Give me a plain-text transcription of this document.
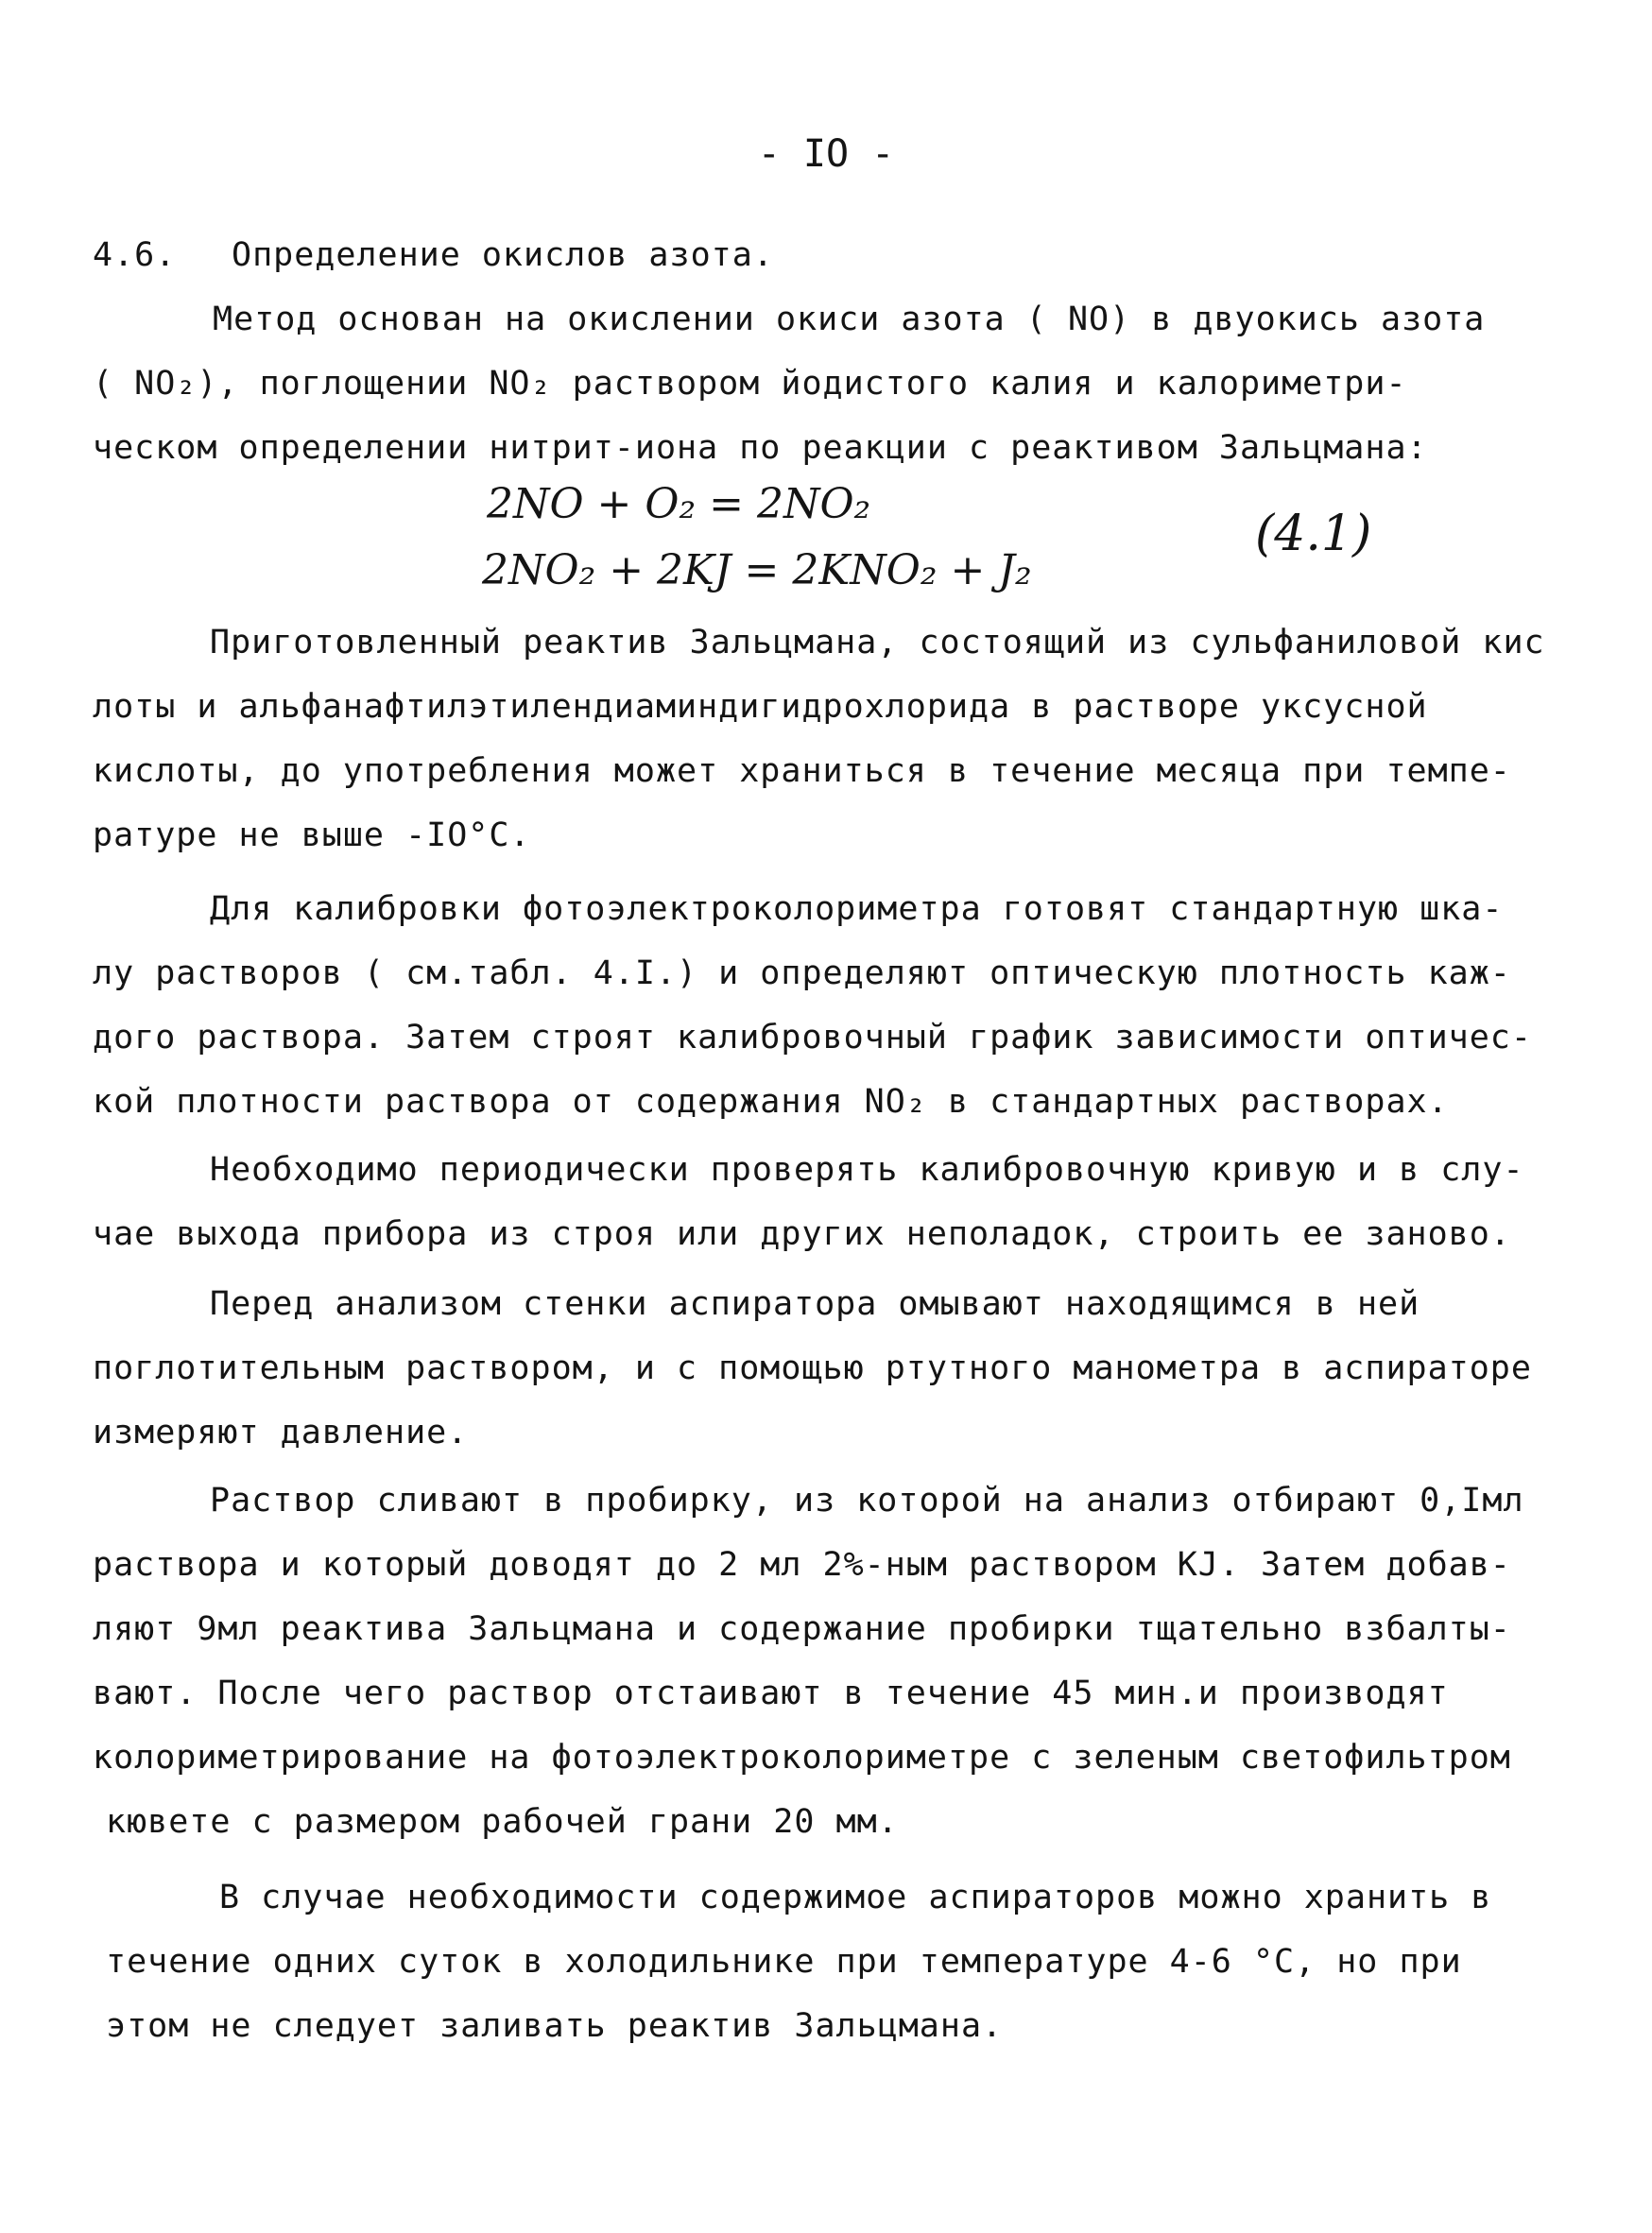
- IO -
4.6. Определение окислов азота.
Метод основан на окислении окиси азота ( NO) в двуокись азота
( NO₂), поглощении NO₂ раствором йодистого калия и калориметри-
ческом определении нитрит-иона по реакции с реактивом Зальцмана:
2NO + O₂ = 2NO₂
2NO₂ + 2KJ = 2KNO₂ + J₂
(4.1)
Приготовленный реактив Зальцмана, состоящий из сульфаниловой кис
лоты и альфанафтилэтилендиаминдигидрохлорида в растворе уксусной
кислоты, до употребления может храниться в течение месяца при темпе-
ратуре не выше -IO°C.
Для калибровки фотоэлектроколориметра готовят стандартную шка-
лу растворов ( см.табл. 4.I.) и определяют оптическую плотность каж-
дого раствора. Затем строят калибровочный график зависимости оптичес-
кой плотности раствора от содержания NO₂ в стандартных растворах.
Необходимо периодически проверять калибровочную кривую и в слу-
чае выхода прибора из строя или других неполадок, строить ее заново.
Перед анализом стенки аспиратора омывают находящимся в ней
поглотительным раствором, и с помощью ртутного манометра в аспираторе
измеряют давление.
Раствор сливают в пробирку, из которой на анализ отбирают 0,Iмл
раствора и который доводят до 2 мл 2%-ным раствором KJ. Затем добав-
ляют 9мл реактива Зальцмана и содержание пробирки тщательно взбалты-
вают. После чего раствор отстаивают в течение 45 мин.и производят
колориметрирование на фотоэлектроколориметре с зеленым светофильтром
кювете с размером рабочей грани 20 мм.
В случае необходимости содержимое аспираторов можно хранить в
течение одних суток в холодильнике при температуре 4-6 °C, но при
этом не следует заливать реактив Зальцмана.
